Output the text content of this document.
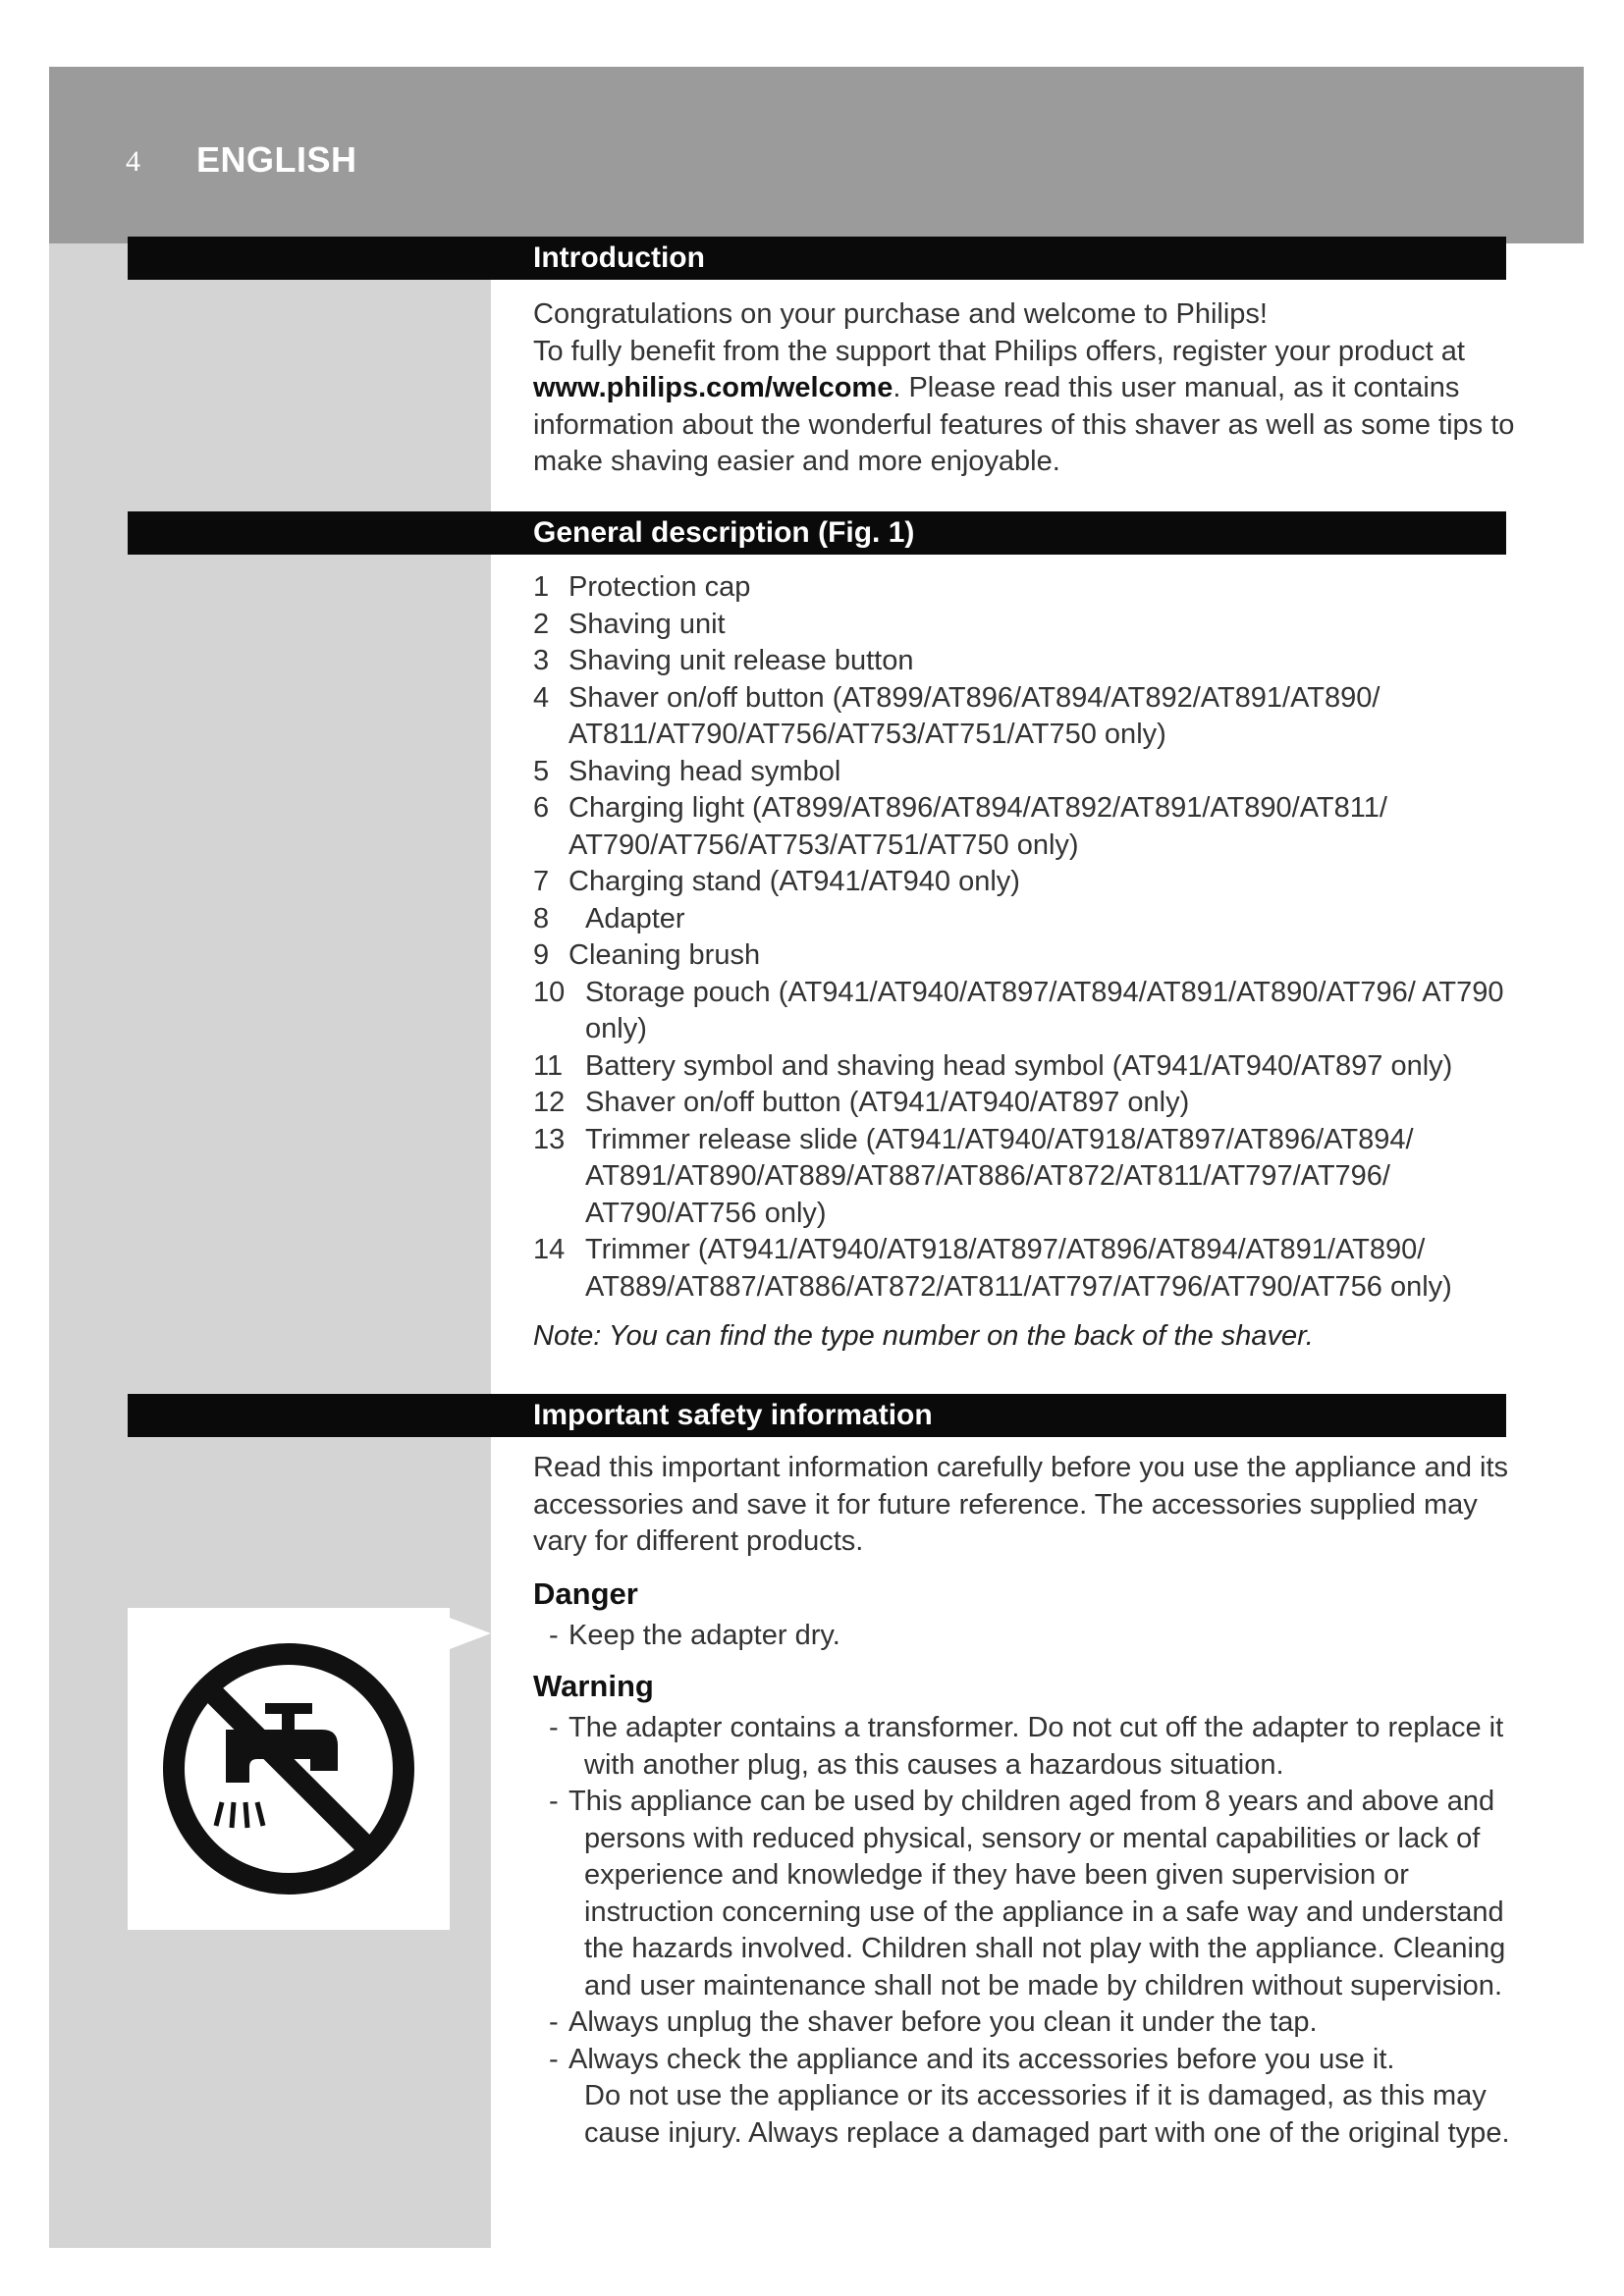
4 ENGLISH
Introduction

Congratulations on your purchase and welcome to Philips!

To fully benefit from the support that Philips offers, register your product at www.philips.com/welcome. Please read this user manual, as it contains information about the wonderful features of this shaver as well as some tips to make shaving easier and more enjoyable.

General description (Fig. 1)
1 Protection cap
2 Shaving unit
3 Shaving unit release button
4 Shaver on/off button (AT899/AT896/AT894/AT892/AT891/AT890/ AT811/AT790/AT756/AT753/AT751/AT750 only)
5 Shaving head symbol
6 Charging light (AT899/AT896/AT894/AT892/AT891/AT890/AT811/ AT790/AT756/AT753/AT751/AT750 only)
7 Charging stand (AT941/AT940 only)
8	Adapter
9 Cleaning brush
10 Storage pouch (AT941/AT940/AT897/AT894/AT891/AT890/AT796/ AT790 only)
11 Battery symbol and shaving head symbol (AT941/AT940/AT897 only)
12 Shaver on/off button (AT941/AT940/AT897 only)
13 Trimmer release slide (AT941/AT940/AT918/AT897/AT896/AT894/ AT891/AT890/AT889/AT887/AT886/AT872/AT811/AT797/AT796/ AT790/AT756 only)
14 Trimmer (AT941/AT940/AT918/AT897/AT896/AT894/AT891/AT890/ AT889/AT887/AT886/AT872/AT811/AT797/AT796/AT790/AT756 only)

Note: You can find the type number on the back of the shaver.

Important safety information

Read this important information carefully before you use the appliance and its accessories and save it for future reference. The accessories supplied may vary for different products.

Danger
- Keep the adapter dry.
Warning
- The adapter contains a transformer. Do not cut off the adapter to replace it with another plug, as this causes a hazardous situation.
- This appliance can be used by children aged from 8 years and above and persons with reduced physical, sensory or mental capabilities or lack of experience and knowledge if they have been given supervision or instruction concerning use of the appliance in a safe way and understand the hazards involved. Children shall not play with the appliance. Cleaning and user maintenance shall not be made by children without supervision.
- Always unplug the shaver before you clean it under the tap.
- Always check the appliance and its accessories before you use it.
Do not use the appliance or its accessories if it is damaged, as this may cause injury. Always replace a damaged part with one of the original type.
